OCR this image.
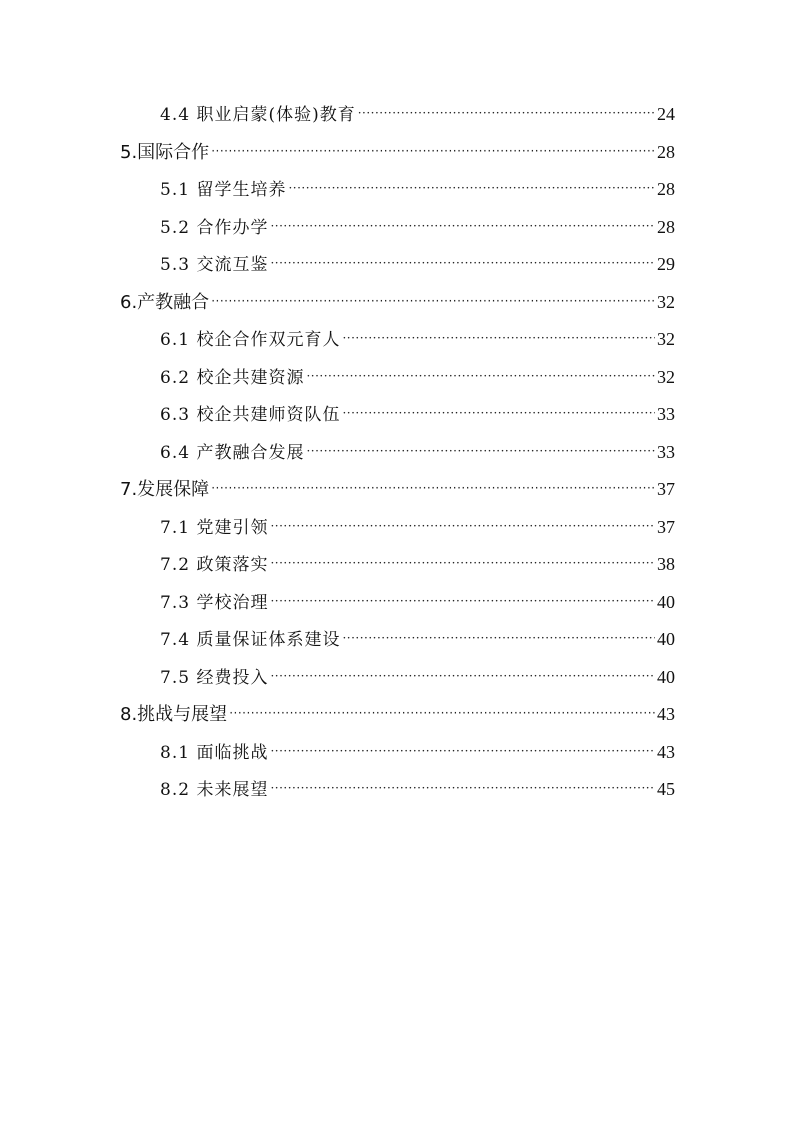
4.4 职业启蒙(体验)教育 ·····	24
5.国际合作 ·····	28
5.1 留学生培养 ·····	28
5.2 合作办学 ·····	28
5.3 交流互鉴 ·····	29
6.产教融合 ·····	32
6.1 校企合作双元育人 ·····	32
6.2 校企共建资源 ·····	32
6.3 校企共建师资队伍 ·····	33
6.4 产教融合发展 ·····	33
7.发展保障 ·····	37
7.1 党建引领 ·····	37
7.2 政策落实 ·····	38
7.3 学校治理 ·····	40
7.4 质量保证体系建设 ·····	40
7.5 经费投入 ·····	40
8.挑战与展望 ·····	43
8.1 面临挑战 ·····	43
8.2 未来展望 ·····	45
